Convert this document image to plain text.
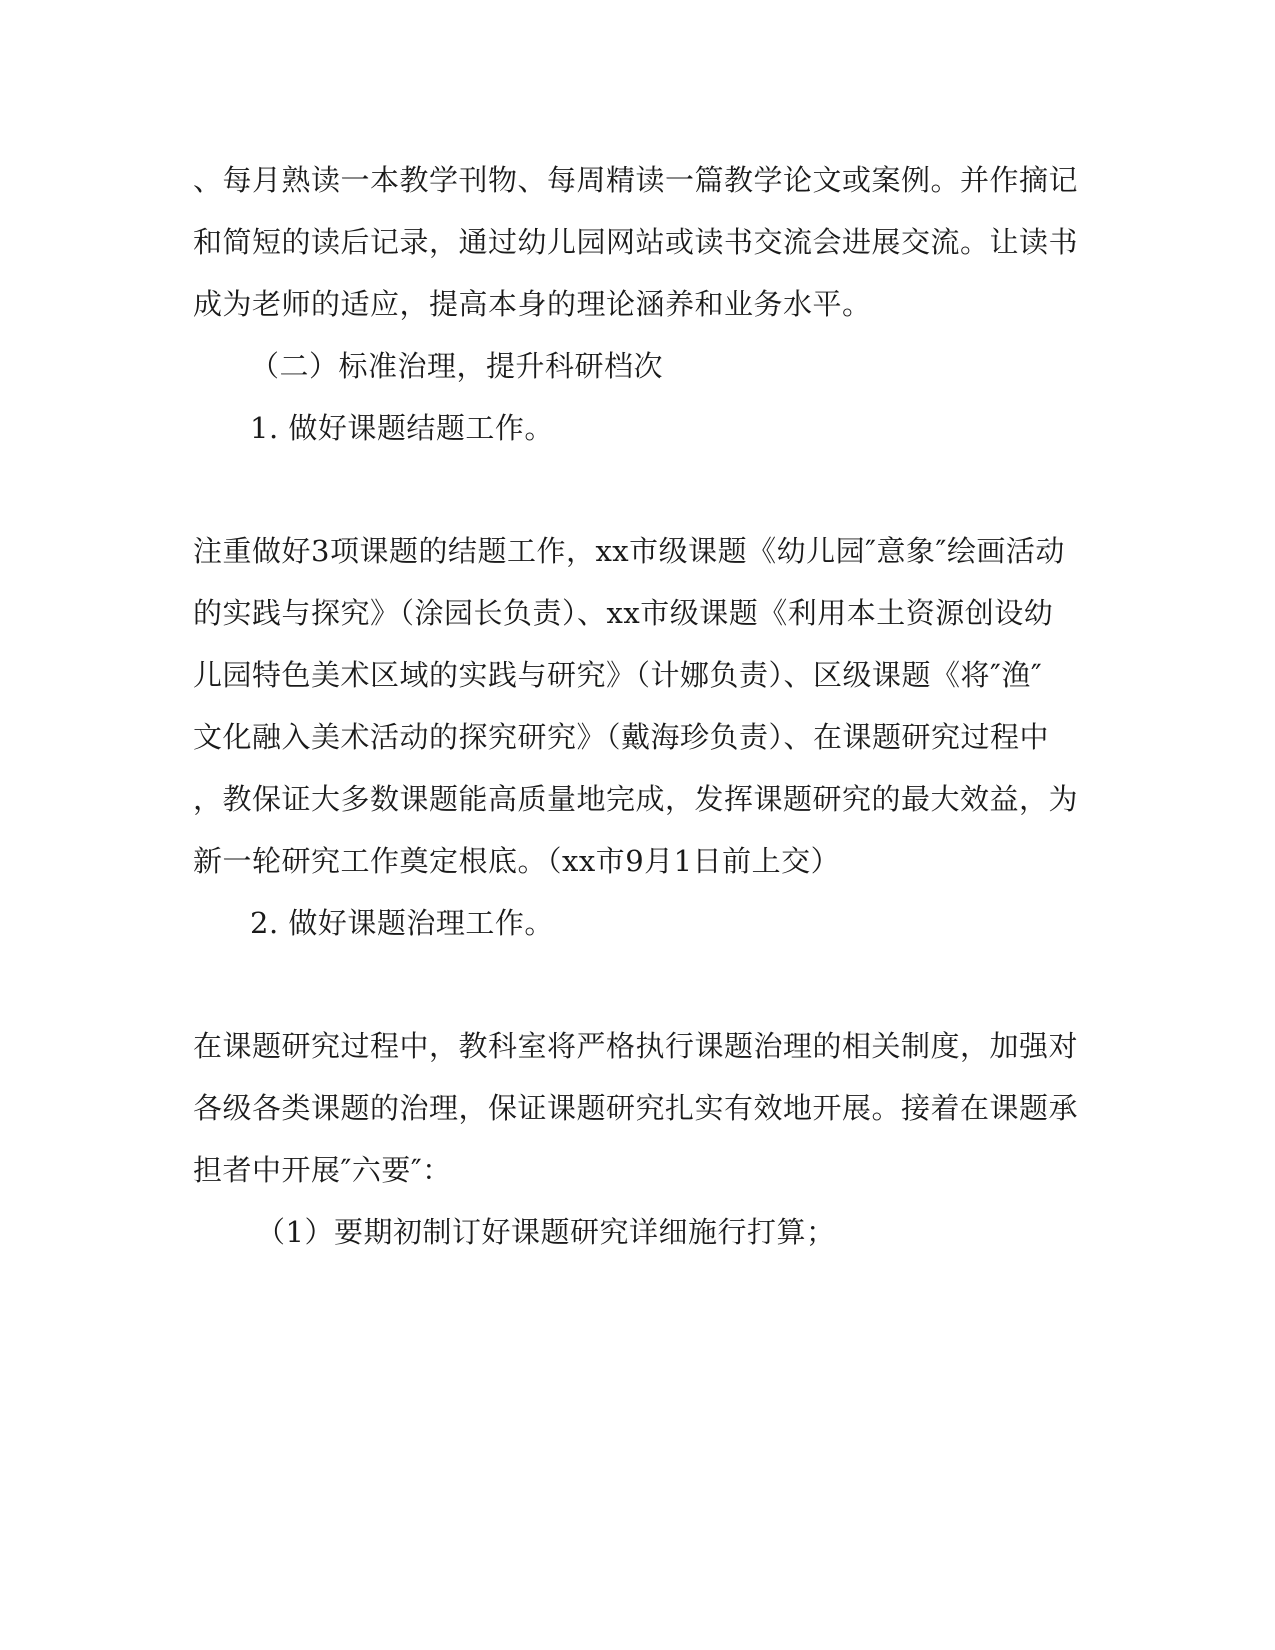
、每月熟读一本教学刊物、每周精读一篇教学论文或案例。并作摘记
和简短的读后记录，通过幼儿园网站或读书交流会进展交流。让读书
成为老师的适应，提高本身的理论涵养和业务水平。
（二）标准治理，提升科研档次
1. 做好课题结题工作。
注重做好3项课题的结题工作，xx市级课题《幼儿园″意象″绘画活动
的实践与探究》（涂园长负责）、xx市级课题《利用本土资源创设幼
儿园特色美术区域的实践与研究》（计娜负责）、区级课题《将″渔″
文化融入美术活动的探究研究》（戴海珍负责）、在课题研究过程中
，教保证大多数课题能高质量地完成，发挥课题研究的最大效益，为
新一轮研究工作奠定根底。（xx市9月1日前上交）
2. 做好课题治理工作。
在课题研究过程中，教科室将严格执行课题治理的相关制度，加强对
各级各类课题的治理，保证课题研究扎实有效地开展。接着在课题承
担者中开展″六要″：
（1）要期初制订好课题研究详细施行打算；
